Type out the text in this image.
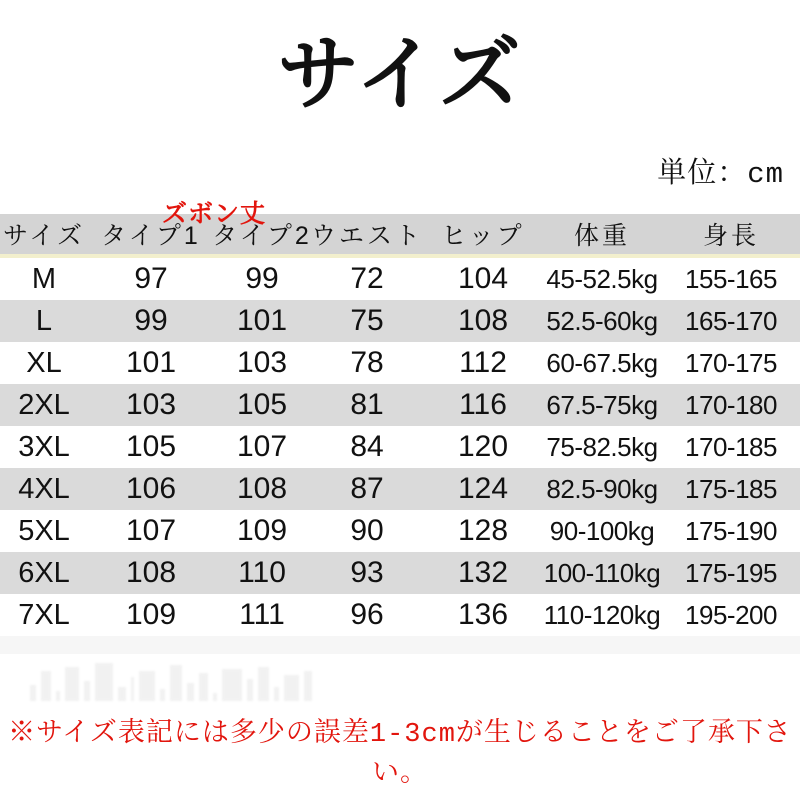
サイズ
単位：cm
ズボン丈
サイズ タイプ1 タイプ2 ウエスト ヒップ	体重	身長
M	97	99	72	104	45-52.5kg	155-165
L	99	101	75	108	52.5-60kg	165-170
XL	101	103	78	112	60-67.5kg	170-175
2XL	103	105	81	116	67.5-75kg	170-180
3XL	105	107	84	120	75-82.5kg	170-185
4XL	106	108	87	124	82.5-90kg	175-185
5XL	107	109	90	128	90-100kg	175-190
6XL	108	110	93	132	100-110kg 175-195
7XL	109	111	96	136	110-120kg 195-200
※サイズ表記には多少の誤差1-3cmが生じることをご了承下さい。
